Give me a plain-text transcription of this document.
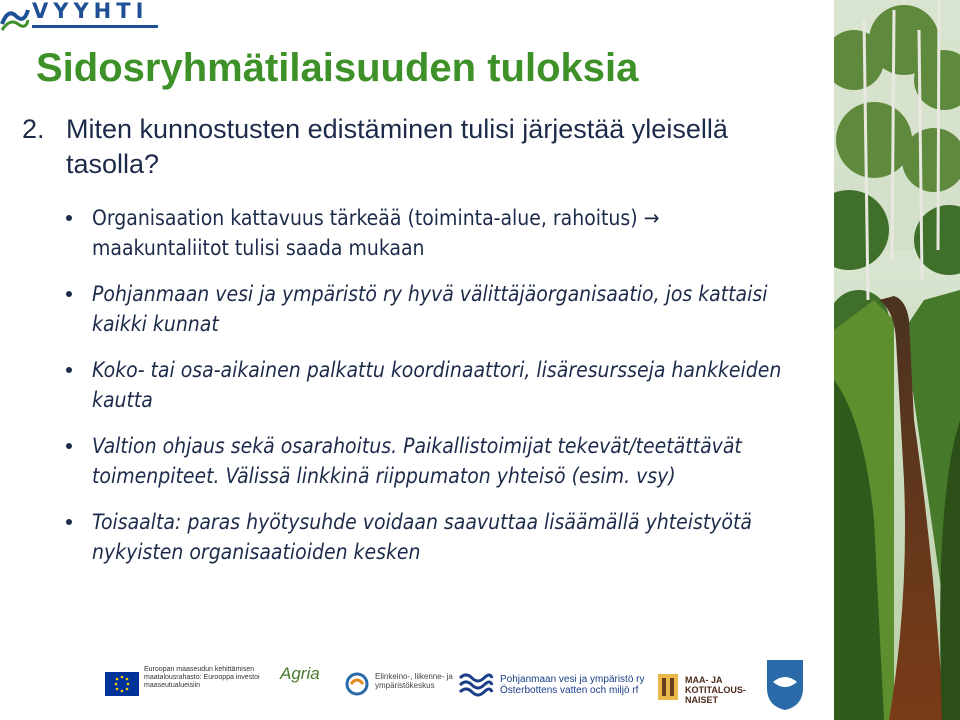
VYYHTI
Sidosryhmätilaisuuden tuloksia
2. Miten kunnostusten edistäminen tulisi järjestää yleisellä
tasolla?
Organisaation kattavuus tärkeää (toiminta-alue, rahoitus) →
maakuntaliitot tulisi saada mukaan
Pohjanmaan vesi ja ympäristö ry hyvä välittäjäorganisaatio, jos kattaisi kaikki kunnat
Koko- tai osa-aikainen palkattu koordinaattori, lisäresursseja hankkeiden kautta
Valtion ohjaus sekä osarahoitus. Paikallistoimijat tekevät/teetättävät toimenpiteet. Välissä linkkinä riippumaton yhteisö (esim. vsy)
Toisaalta: paras hyötysuhde voidaan saavuttaa lisäämällä yhteistyötä nykyisten organisaatioiden kesken
Euroopan maaseudun kehittämisen maatalousrahasto: Eurooppa investoi maaseutualueisiin
Agria	Elinkeino-, liikenne- ja ympäristökeskus
Pohjanmaan vesi ja ympäristö ry Österbottens vatten och miljö rf
MAA- JA KOTITALOUS- NAISET
